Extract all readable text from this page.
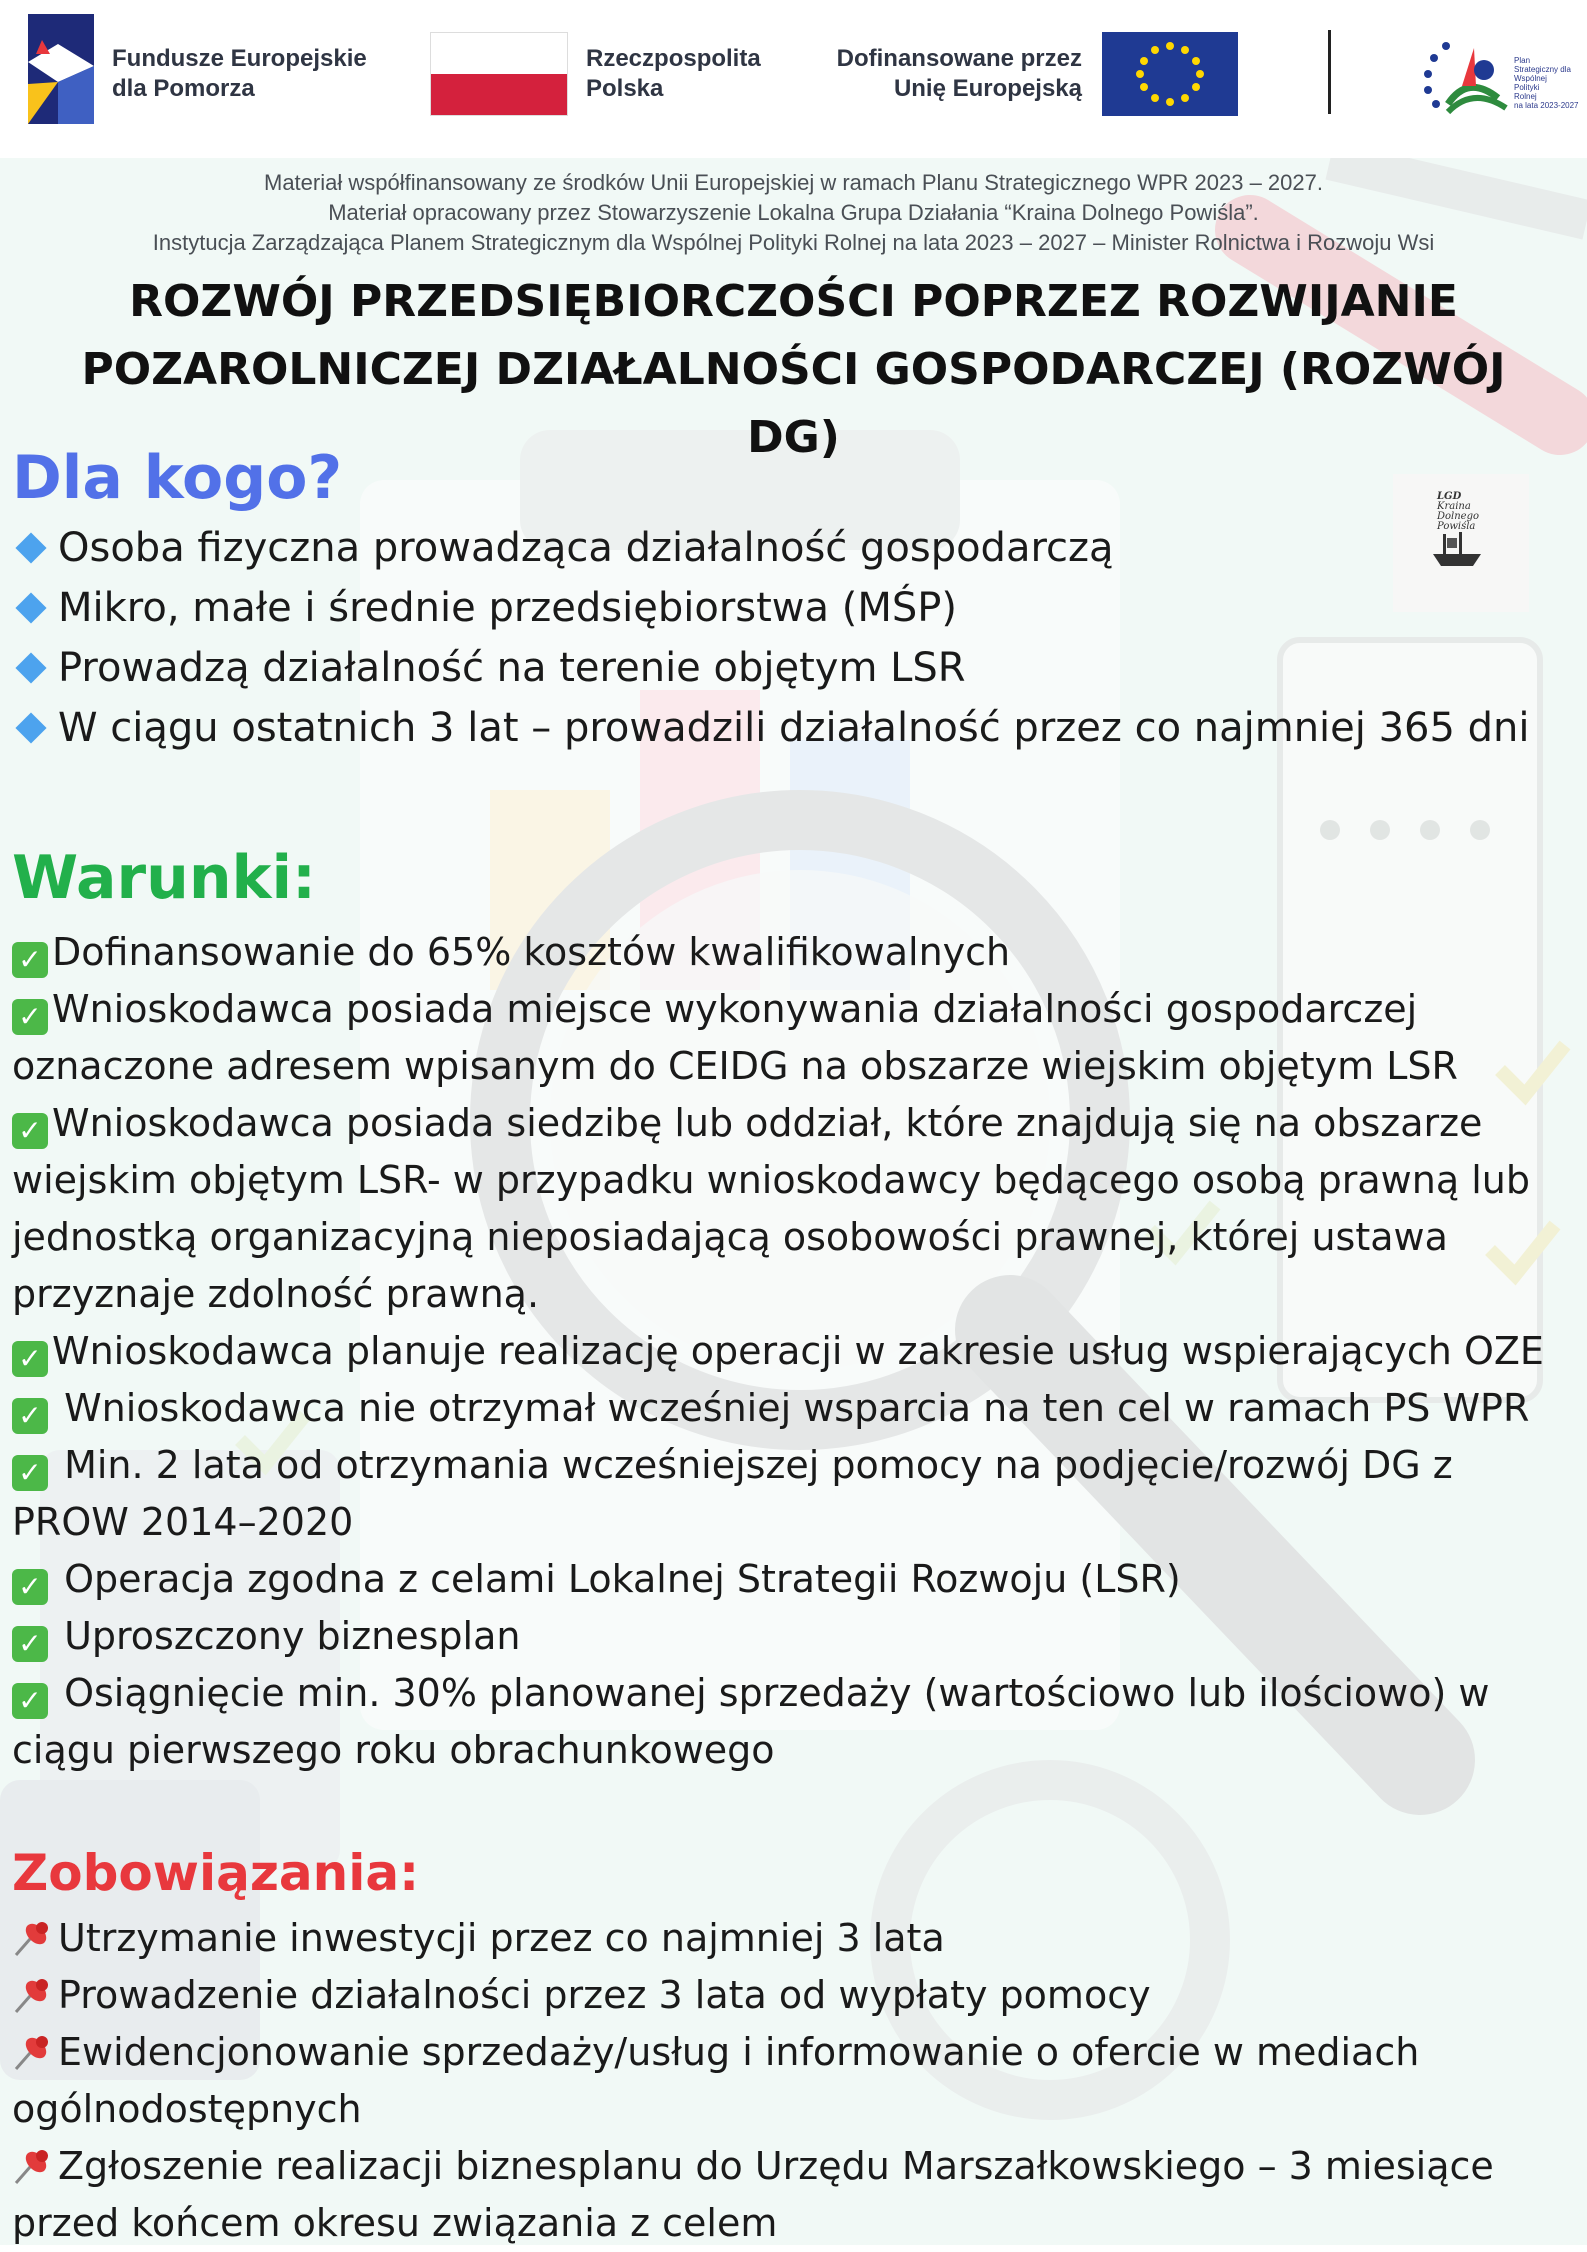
Fundusze Europejskie
dla Pomorza
Rzeczpospolita
Polska
Dofinansowane przez
Unię Europejską
Plan
Strategiczny dla
Wspólnej
Polityki
Rolnej
na lata 2023-2027
Materiał współfinansowany ze środków Unii Europejskiej w ramach Planu Strategicznego WPR 2023 – 2027.
Materiał opracowany przez Stowarzyszenie Lokalna Grupa Działania “Kraina Dolnego Powiśla”.
Instytucja Zarządzająca Planem Strategicznym dla Wspólnej Polityki Rolnej na lata 2023 – 2027 – Minister Rolnictwa i Rozwoju Wsi
ROZWÓJ PRZEDSIĘBIORCZOŚCI POPRZEZ ROZWIJANIE
POZAROLNICZEJ DZIAŁALNOŚCI GOSPODARCZEJ (ROZWÓJ DG)
LGD
Kraina
Dolnego
Powiśla
Dla kogo?
Osoba fizyczna prowadząca działalność gospodarczą
Mikro, małe i średnie przedsiębiorstwa (MŚP)
Prowadzą działalność na terenie objętym LSR
W ciągu ostatnich 3 lat – prowadzili działalność przez co najmniej 365 dni
Warunki:
✓ Dofinansowanie do 65% kosztów kwalifikowalnych
✓ Wnioskodawca posiada miejsce wykonywania działalności gospodarczej oznaczone adresem wpisanym do CEIDG na obszarze wiejskim objętym LSR
✓ Wnioskodawca posiada siedzibę lub oddział, które znajdują się na obszarze wiejskim objętym LSR- w przypadku wnioskodawcy będącego osobą prawną lub jednostką organizacyjną nieposiadającą osobowości prawnej, której ustawa przyznaje zdolność prawną.
✓ Wnioskodawca planuje realizację operacji w zakresie usług wspierających OZE
✓ Wnioskodawca nie otrzymał wcześniej wsparcia na ten cel w ramach PS WPR
✓ Min. 2 lata od otrzymania wcześniejszej pomocy na podjęcie/rozwój DG z PROW 2014–2020
✓ Operacja zgodna z celami Lokalnej Strategii Rozwoju (LSR)
✓ Uproszczony biznesplan
✓ Osiągnięcie min. 30% planowanej sprzedaży (wartościowo lub ilościowo) w ciągu pierwszego roku obrachunkowego
Zobowiązania:
Utrzymanie inwestycji przez co najmniej 3 lata
Prowadzenie działalności przez 3 lata od wypłaty pomocy
Ewidencjonowanie sprzedaży/usług i informowanie o ofercie w mediach ogólnodostępnych
Zgłoszenie realizacji biznesplanu do Urzędu Marszałkowskiego – 3 miesiące przed końcem okresu związania z celem
